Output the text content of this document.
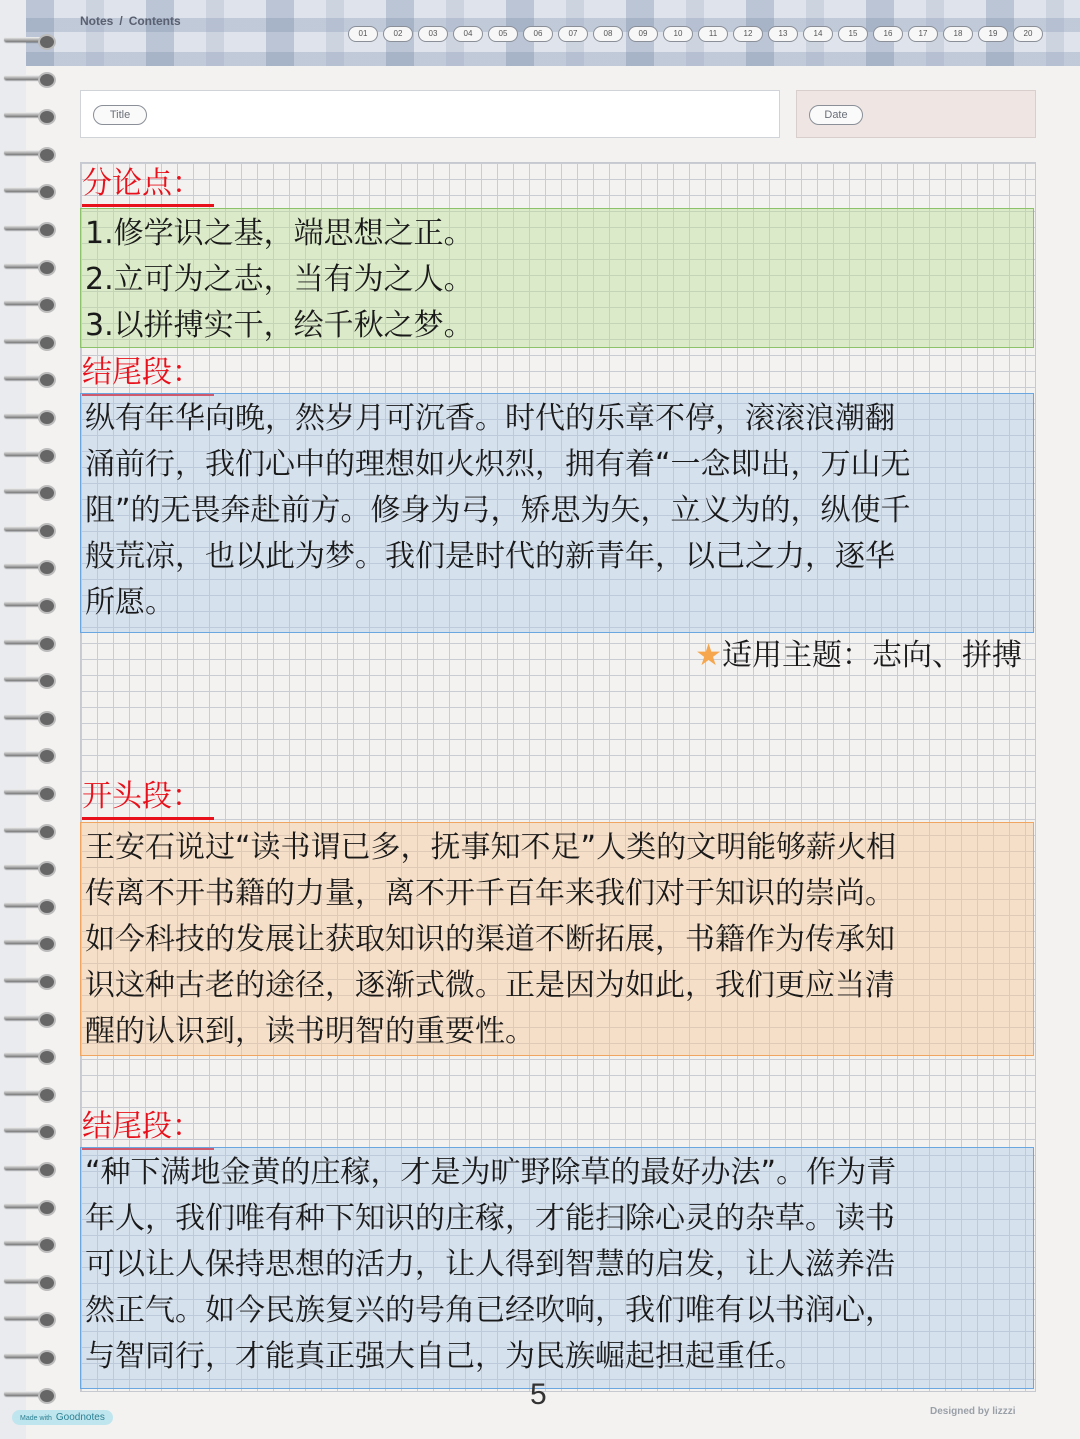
Notes / Contents
01	02	03	04	05	06	07	08	09	10	11	12	13	14	15	16	17	18	19	20
Title	Date
分论点：
1.修学识之基，端思想之正。
2.立可为之志，当有为之人。
3.以拼搏实干，绘千秋之梦。
结尾段：
纵有年华向晚，然岁月可沉香。时代的乐章不停，滚滚浪潮翻
涌前行，我们心中的理想如火炽烈，拥有着“一念即出，万山无
阻”的无畏奔赴前方。修身为弓，矫思为矢，立义为的，纵使千
般荒凉，也以此为梦。我们是时代的新青年，以己之力，逐华
所愿。
★适用主题：志向、拼搏
开头段：
王安石说过“读书谓已多，抚事知不足”人类的文明能够薪火相
传离不开书籍的力量，离不开千百年来我们对于知识的崇尚。
如今科技的发展让获取知识的渠道不断拓展，书籍作为传承知
识这种古老的途径，逐渐式微。正是因为如此，我们更应当清
醒的认识到，读书明智的重要性。
结尾段：
“种下满地金黄的庄稼，才是为旷野除草的最好办法”。作为青
年人，我们唯有种下知识的庄稼，才能扫除心灵的杂草。读书
可以让人保持思想的活力，让人得到智慧的启发，让人滋养浩
然正气。如今民族复兴的号角已经吹响，我们唯有以书润心，
与智同行，才能真正强大自己，为民族崛起担起重任。
5
Designed by lizzzi
Made with Goodnotes
